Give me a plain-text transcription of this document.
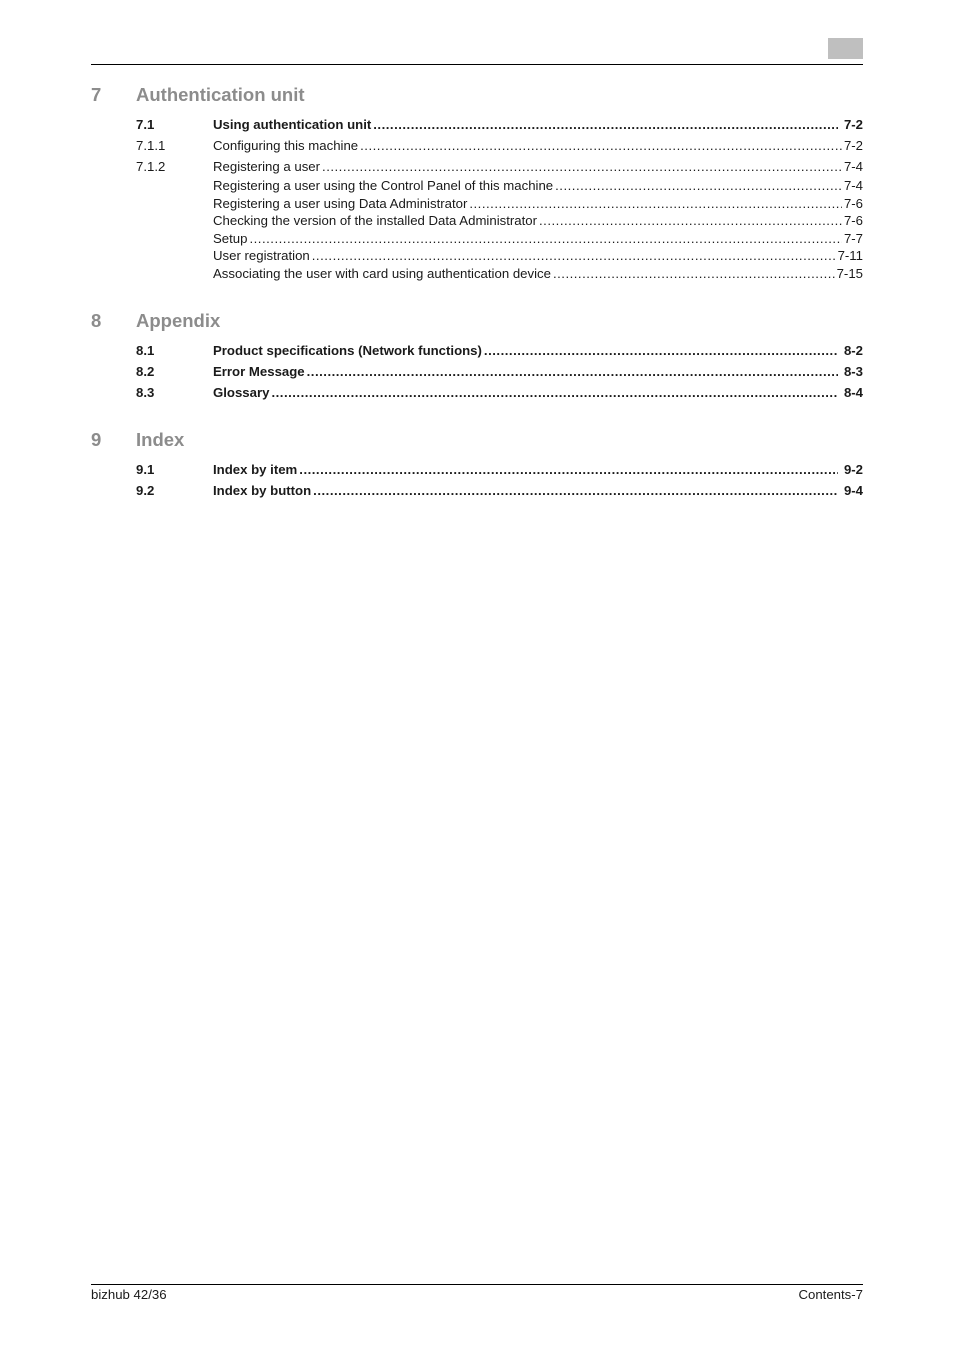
7	Authentication unit
7.1	Using authentication unit .....	7-2
7.1.1	Configuring this machine .....	7-2
7.1.2	Registering a user .....	7-4
Registering a user using the Control Panel of this machine .....	7-4
Registering a user using Data Administrator .....	7-6
Checking the version of the installed Data Administrator .....	7-6
Setup .....	7-7
User registration .....	7-11
Associating the user with card using authentication device .....	7-15
8	Appendix
8.1	Product specifications (Network functions) .....	8-2
8.2	Error Message .....	8-3
8.3	Glossary .....	8-4
9	Index
9.1	Index by item .....	9-2
9.2	Index by button .....	9-4
bizhub 42/36	Contents-7
